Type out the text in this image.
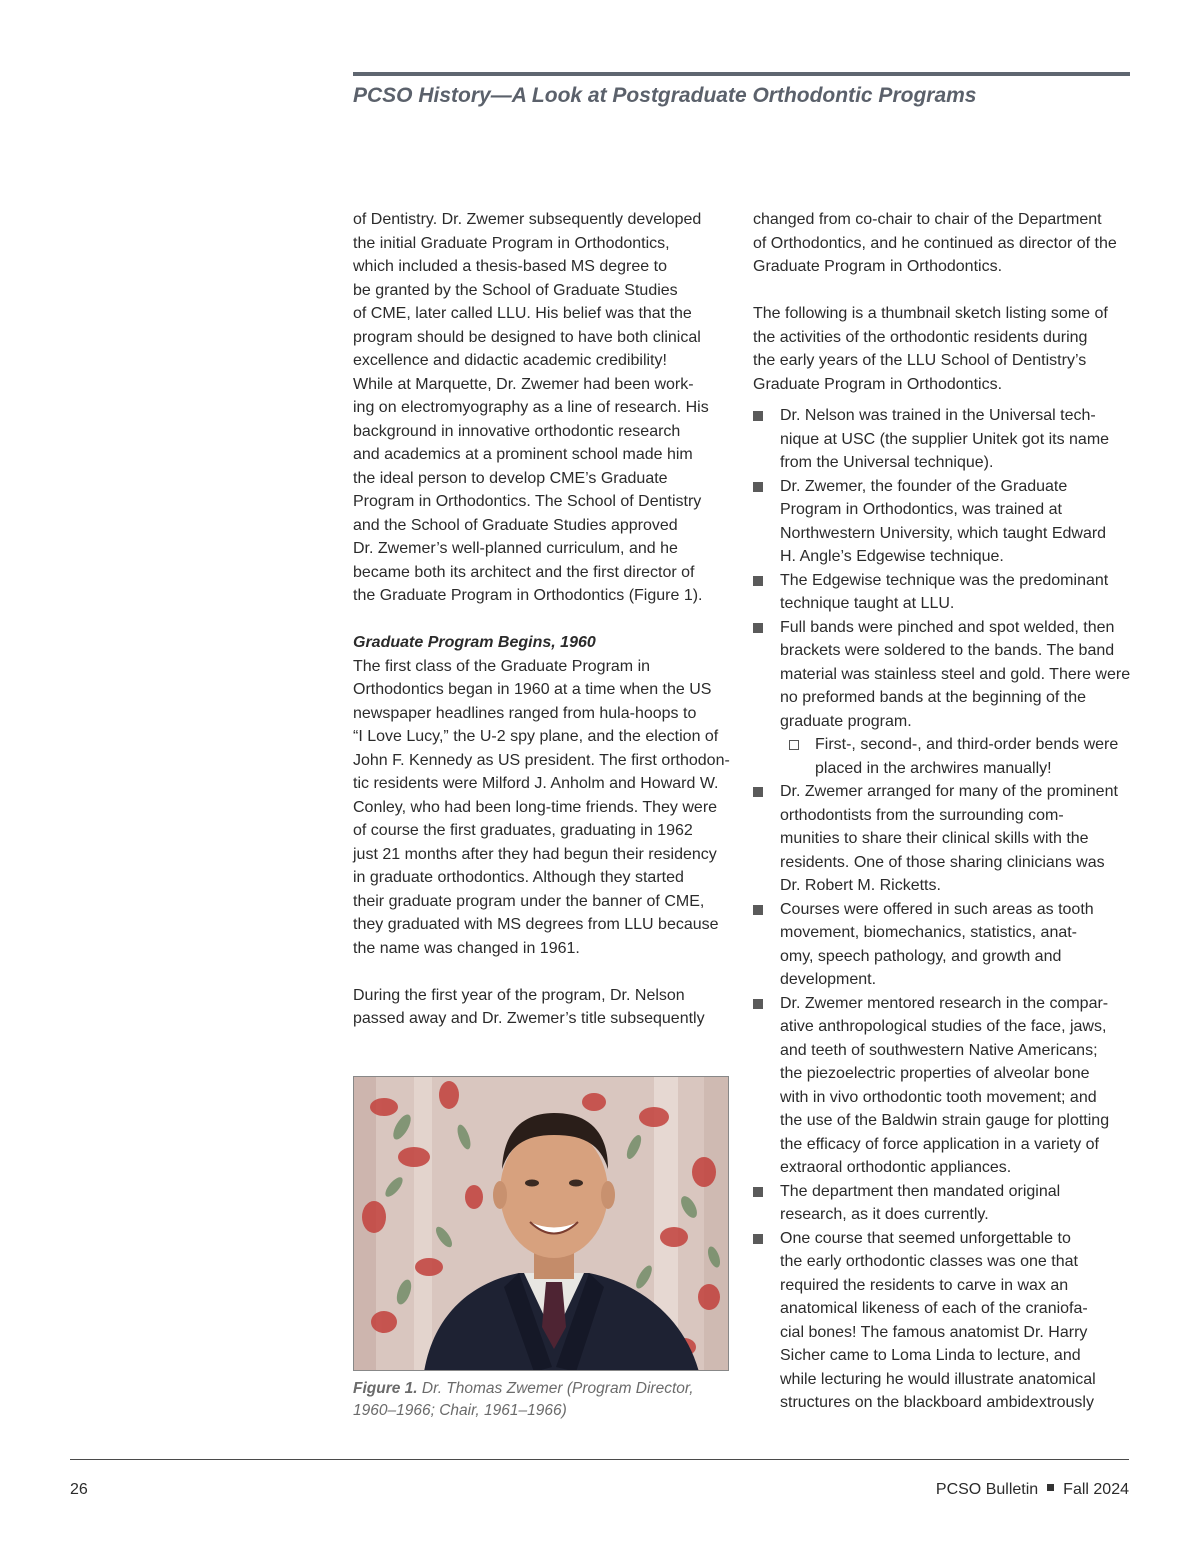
PCSO History—A Look at Postgraduate Orthodontic Programs

of Dentistry. Dr. Zwemer subsequently developed
the initial Graduate Program in Orthodontics,
which included a thesis-based MS degree to
be granted by the School of Graduate Studies
of CME, later called LLU. His belief was that the
program should be designed to have both clinical
excellence and didactic academic credibility!
While at Marquette, Dr. Zwemer had been work-
ing on electromyography as a line of research. His
background in innovative orthodontic research
and academics at a prominent school made him
the ideal person to develop CME’s Graduate
Program in Orthodontics. The School of Dentistry
and the School of Graduate Studies approved
Dr. Zwemer’s well-planned curriculum, and he
became both its architect and the first director of
the Graduate Program in Orthodontics (Figure 1).

Graduate Program Begins, 1960

The first class of the Graduate Program in
Orthodontics began in 1960 at a time when the US
newspaper headlines ranged from hula-hoops to
“I Love Lucy,” the U-2 spy plane, and the election of
John F. Kennedy as US president. The first orthodon-
tic residents were Milford J. Anholm and Howard W.
Conley, who had been long-time friends. They were
of course the first graduates, graduating in 1962
just 21 months after they had begun their residency
in graduate orthodontics. Although they started
their graduate program under the banner of CME,
they graduated with MS degrees from LLU because
the name was changed in 1961.

During the first year of the program, Dr. Nelson
passed away and Dr. Zwemer’s title subsequently

Figure 1. Dr. Thomas Zwemer (Program Director,
1960–1966; Chair, 1961–1966)

changed from co-chair to chair of the Department
of Orthodontics, and he continued as director of the
Graduate Program in Orthodontics.

The following is a thumbnail sketch listing some of
the activities of the orthodontic residents during
the early years of the LLU School of Dentistry’s
Graduate Program in Orthodontics.

Dr. Nelson was trained in the Universal tech-
nique at USC (the supplier Unitek got its name
from the Universal technique).
Dr. Zwemer, the founder of the Graduate
Program in Orthodontics, was trained at
Northwestern University, which taught Edward
H. Angle’s Edgewise technique.
The Edgewise technique was the predominant
technique taught at LLU.
Full bands were pinched and spot welded, then
brackets were soldered to the bands. The band
material was stainless steel and gold. There were
no preformed bands at the beginning of the
graduate program.
First-, second-, and third-order bends were
placed in the archwires manually!
Dr. Zwemer arranged for many of the prominent
orthodontists from the surrounding com-
munities to share their clinical skills with the
residents. One of those sharing clinicians was
Dr. Robert M. Ricketts.
Courses were offered in such areas as tooth
movement, biomechanics, statistics, anat-
omy, speech pathology, and growth and
development.
Dr. Zwemer mentored research in the compar-
ative anthropological studies of the face, jaws,
and teeth of southwestern Native Americans;
the piezoelectric properties of alveolar bone
with in vivo orthodontic tooth movement; and
the use of the Baldwin strain gauge for plotting
the efficacy of force application in a variety of
extraoral orthodontic appliances.
The department then mandated original
research, as it does currently.
One course that seemed unforgettable to
the early orthodontic classes was one that
required the residents to carve in wax an
anatomical likeness of each of the craniofa-
cial bones! The famous anatomist Dr. Harry
Sicher came to Loma Linda to lecture, and
while lecturing he would illustrate anatomical
structures on the blackboard ambidextrously
26	PCSO Bulletin Fall 2024
